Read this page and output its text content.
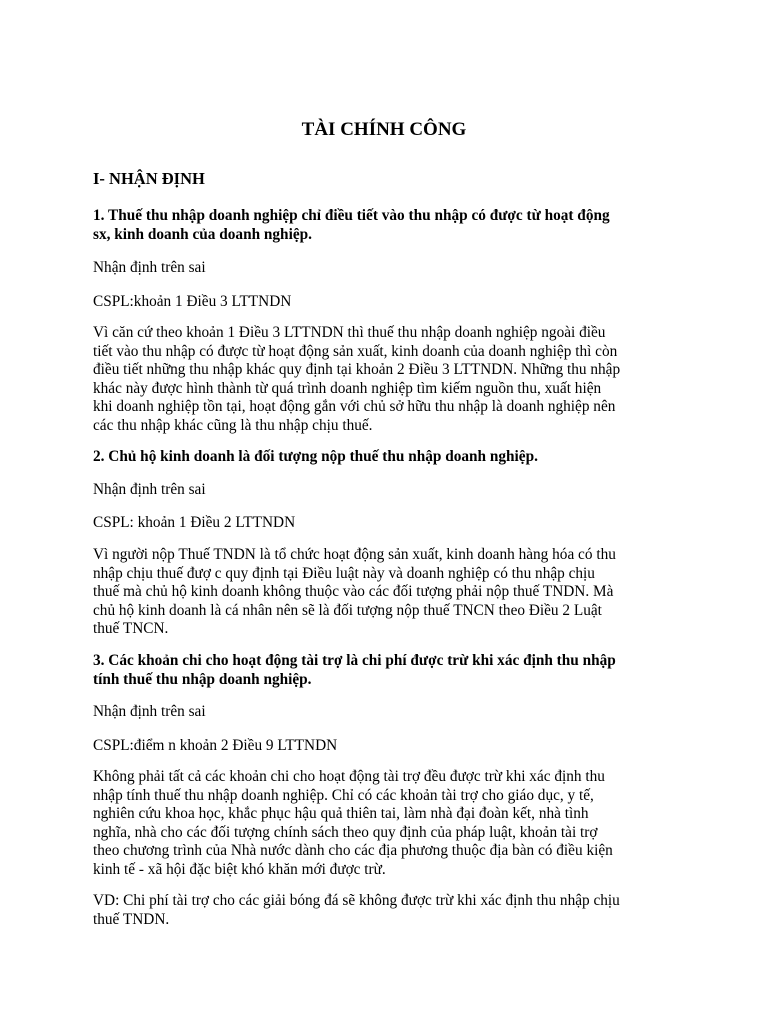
TÀI CHÍNH CÔNG
I- NHẬN ĐỊNH
1. Thuế thu nhập doanh nghiệp chỉ điều tiết vào thu nhập có được từ hoạt động
sx, kinh doanh của doanh nghiệp.
Nhận định trên sai
CSPL:khoản 1 Điều 3 LTTNDN
Vì căn cứ theo khoản 1 Điều 3 LTTNDN thì thuế thu nhập doanh nghiệp ngoài điều
tiết vào thu nhập có được từ hoạt động sản xuất, kinh doanh của doanh nghiệp thì còn
điều tiết những thu nhập khác quy định tại khoản 2 Điều 3 LTTNDN. Những thu nhập
khác này được hình thành từ quá trình doanh nghiệp tìm kiếm nguồn thu, xuất hiện
khi doanh nghiệp tồn tại, hoạt động gắn với chủ sở hữu thu nhập là doanh nghiệp nên
các thu nhập khác cũng là thu nhập chịu thuế.
2. Chủ hộ kinh doanh là đối tượng nộp thuế thu nhập doanh nghiệp.
Nhận định trên sai
CSPL: khoản 1 Điều 2 LTTNDN
Vì người nộp Thuế TNDN là tổ chức hoạt động sản xuất, kinh doanh hàng hóa có thu
nhập chịu thuế đượ c quy định tại Điều luật này và doanh nghiệp có thu nhập chịu
thuế mà chủ hộ kinh doanh không thuộc vào các đối tượng phải nộp thuế TNDN. Mà
chủ hộ kinh doanh là cá nhân nên sẽ là đối tượng nộp thuế TNCN theo Điều 2 Luật
thuế TNCN.
3. Các khoản chi cho hoạt động tài trợ là chi phí được trừ khi xác định thu nhập
tính thuế thu nhập doanh nghiệp.
Nhận định trên sai
CSPL:điểm n khoản 2 Điều 9 LTTNDN
Không phải tất cả các khoản chi cho hoạt động tài trợ đều được trừ khi xác định thu
nhập tính thuế thu nhập doanh nghiệp. Chỉ có các khoản tài trợ cho giáo dục, y tế,
nghiên cứu khoa học, khắc phục hậu quả thiên tai, làm nhà đại đoàn kết, nhà tình
nghĩa, nhà cho các đối tượng chính sách theo quy định của pháp luật, khoản tài trợ
theo chương trình của Nhà nước dành cho các địa phương thuộc địa bàn có điều kiện
kinh tế - xã hội đặc biệt khó khăn mới được trừ.
VD: Chi phí tài trợ cho các giải bóng đá sẽ không được trừ khi xác định thu nhập chịu
thuế TNDN.
